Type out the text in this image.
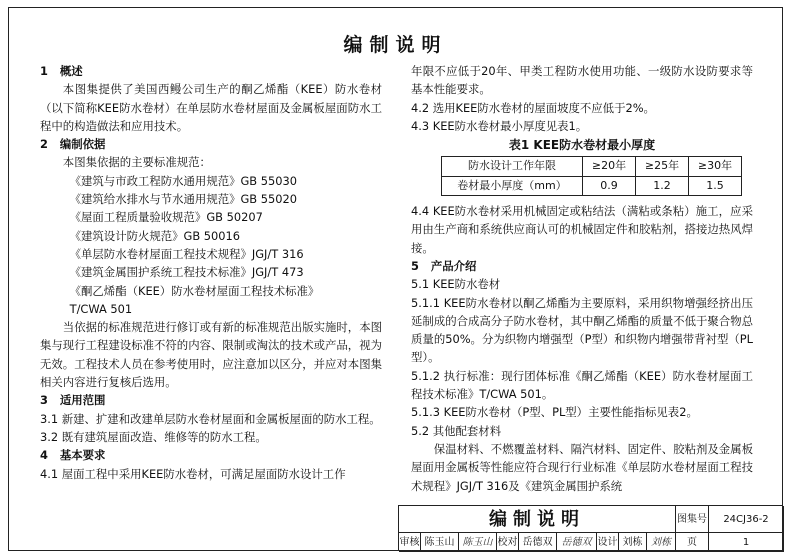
编制说明

1   概述

本图集提供了美国西鳗公司生产的酮乙烯酯（KEE）防水卷材（以下简称KEE防水卷材）在单层防水卷材屋面及金属板屋面防水工程中的构造做法和应用技术。

2   编制依据

本图集依据的主要标准规范：

《建筑与市政工程防水通用规范》GB 55030

《建筑给水排水与节水通用规范》GB 55020

《屋面工程质量验收规范》GB 50207

《建筑设计防火规范》GB 50016

《单层防水卷材屋面工程技术规程》JGJ/T 316

《建筑金属围护系统工程技术标准》JGJ/T 473

《酮乙烯酯（KEE）防水卷材屋面工程技术标准》

T/CWA 501

当依据的标准规范进行修订或有新的标准规范出版实施时，本图集与现行工程建设标准不符的内容、限制或淘汰的技术或产品，视为无效。工程技术人员在参考使用时，应注意加以区分，并应对本图集相关内容进行复核后选用。

3   适用范围

3.1 新建、扩建和改建单层防水卷材屋面和金属板屋面的防水工程。

3.2 既有建筑屋面改造、维修等的防水工程。

4   基本要求

4.1 屋面工程中采用KEE防水卷材，可满足屋面防水设计工作

年限不应低于20年、甲类工程防水使用功能、一级防水设防要求等基本性能要求。

4.2 选用KEE防水卷材的屋面坡度不应低于2%。

4.3 KEE防水卷材最小厚度见表1。

表1 KEE防水卷材最小厚度
防水设计工作年限	≥20年	≥25年	≥30年
卷材最小厚度（mm）	0.9	1.2	1.5

4.4 KEE防水卷材采用机械固定或粘结法（满粘或条粘）施工，应采用由生产商和系统供应商认可的机械固定件和胶粘剂，搭接边热风焊接。

5   产品介绍

5.1 KEE防水卷材

5.1.1 KEE防水卷材以酮乙烯酯为主要原料，采用织物增强经挤出压延制成的合成高分子防水卷材，其中酮乙烯酯的质量不低于聚合物总质量的50%。分为织物内增强型（P型）和织物内增强带背衬型（PL型）。

5.1.2 执行标准：现行团体标准《酮乙烯酯（KEE）防水卷材屋面工程技术标准》T/CWA 501。

5.1.3 KEE防水卷材（P型、PL型）主要性能指标见表2。

5.2 其他配套材料

保温材料、不燃覆盖材料、隔汽材料、固定件、胶粘剂及金属板屋面用金属板等性能应符合现行行业标准《单层防水卷材屋面工程技术规程》JGJ/T 316及《建筑金属围护系统

编制说明	图集号	24CJ36-2
审核 陈玉山 陈玉山 校对 岳德双 岳德双 设计 刘栋 刘栋	页	1
